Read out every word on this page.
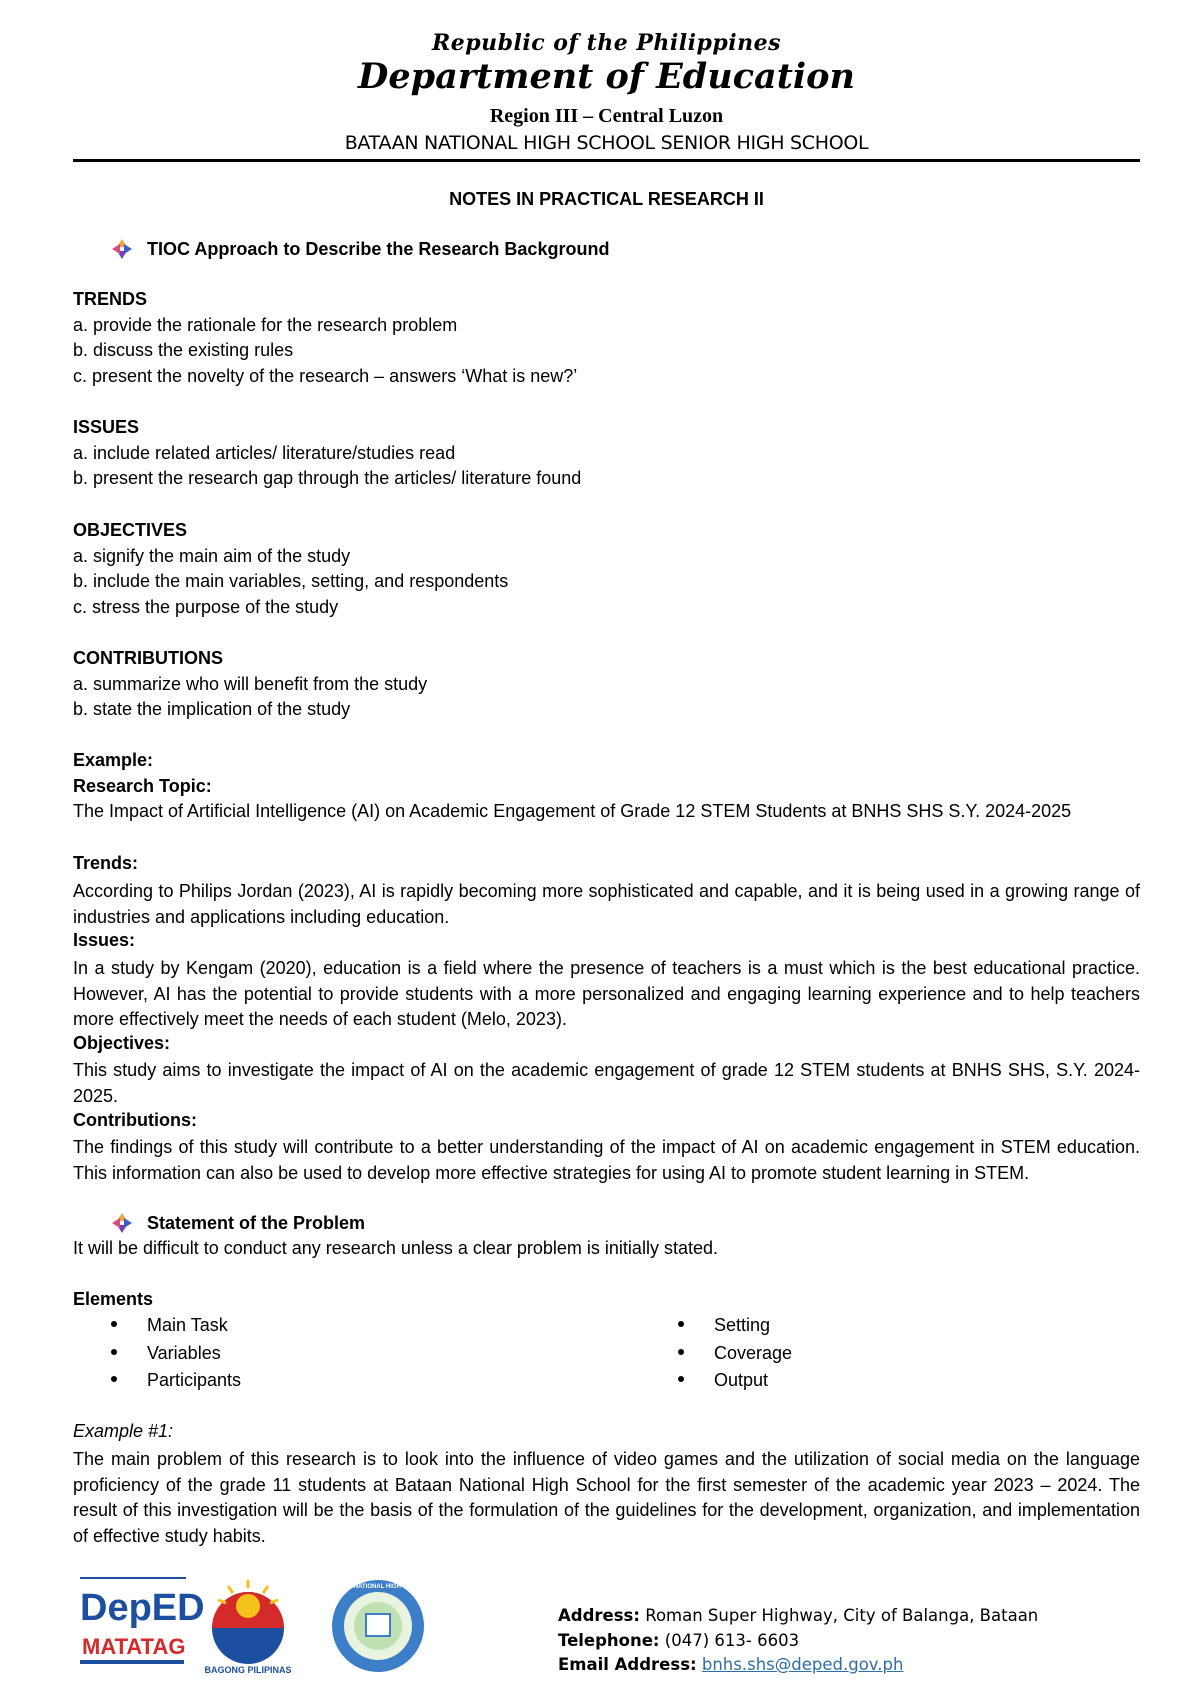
Republic of the Philippines
Department of Education
Region III – Central Luzon
BATAAN NATIONAL HIGH SCHOOL SENIOR HIGH SCHOOL
NOTES IN PRACTICAL RESEARCH II
TIOC Approach to Describe the Research Background
TRENDS
a. provide the rationale for the research problem
b. discuss the existing rules
c. present the novelty of the research – answers ‘What is new?’
ISSUES
a. include related articles/ literature/studies read
b. present the research gap through the articles/ literature found
OBJECTIVES
a. signify the main aim of the study
b. include the main variables, setting, and respondents
c. stress the purpose of the study
CONTRIBUTIONS
a. summarize who will benefit from the study
b. state the implication of the study
Example:
Research Topic:
The Impact of Artificial Intelligence (AI) on Academic Engagement of Grade 12 STEM Students at BNHS SHS S.Y. 2024-2025
Trends:
According to Philips Jordan (2023), AI is rapidly becoming more sophisticated and capable, and it is being used in a growing range of industries and applications including education.
Issues:
In a study by Kengam (2020), education is a field where the presence of teachers is a must which is the best educational practice. However, AI has the potential to provide students with a more personalized and engaging learning experience and to help teachers more effectively meet the needs of each student (Melo, 2023).
Objectives:
This study aims to investigate the impact of AI on the academic engagement of grade 12 STEM students at BNHS SHS, S.Y. 2024-2025.
Contributions:
The findings of this study will contribute to a better understanding of the impact of AI on academic engagement in STEM education. This information can also be used to develop more effective strategies for using AI to promote student learning in STEM.
Statement of the Problem
It will be difficult to conduct any research unless a clear problem is initially stated.
Elements
Main Task
Variables
Participants
Setting
Coverage
Output
Example #1:
The main problem of this research is to look into the influence of video games and the utilization of social media on the language proficiency of the grade 11 students at Bataan National High School for the first semester of the academic year 2023 – 2024. The result of this investigation will be the basis of the formulation of the guidelines for the development, organization, and implementation of effective study habits.
DepED
MATATAG
BAGONG PILIPINAS
BATAAN NATIONAL HIGH SCHOOL
Address: Roman Super Highway, City of Balanga, Bataan
Telephone: (047) 613- 6603
Email Address: bnhs.shs@deped.gov.ph
